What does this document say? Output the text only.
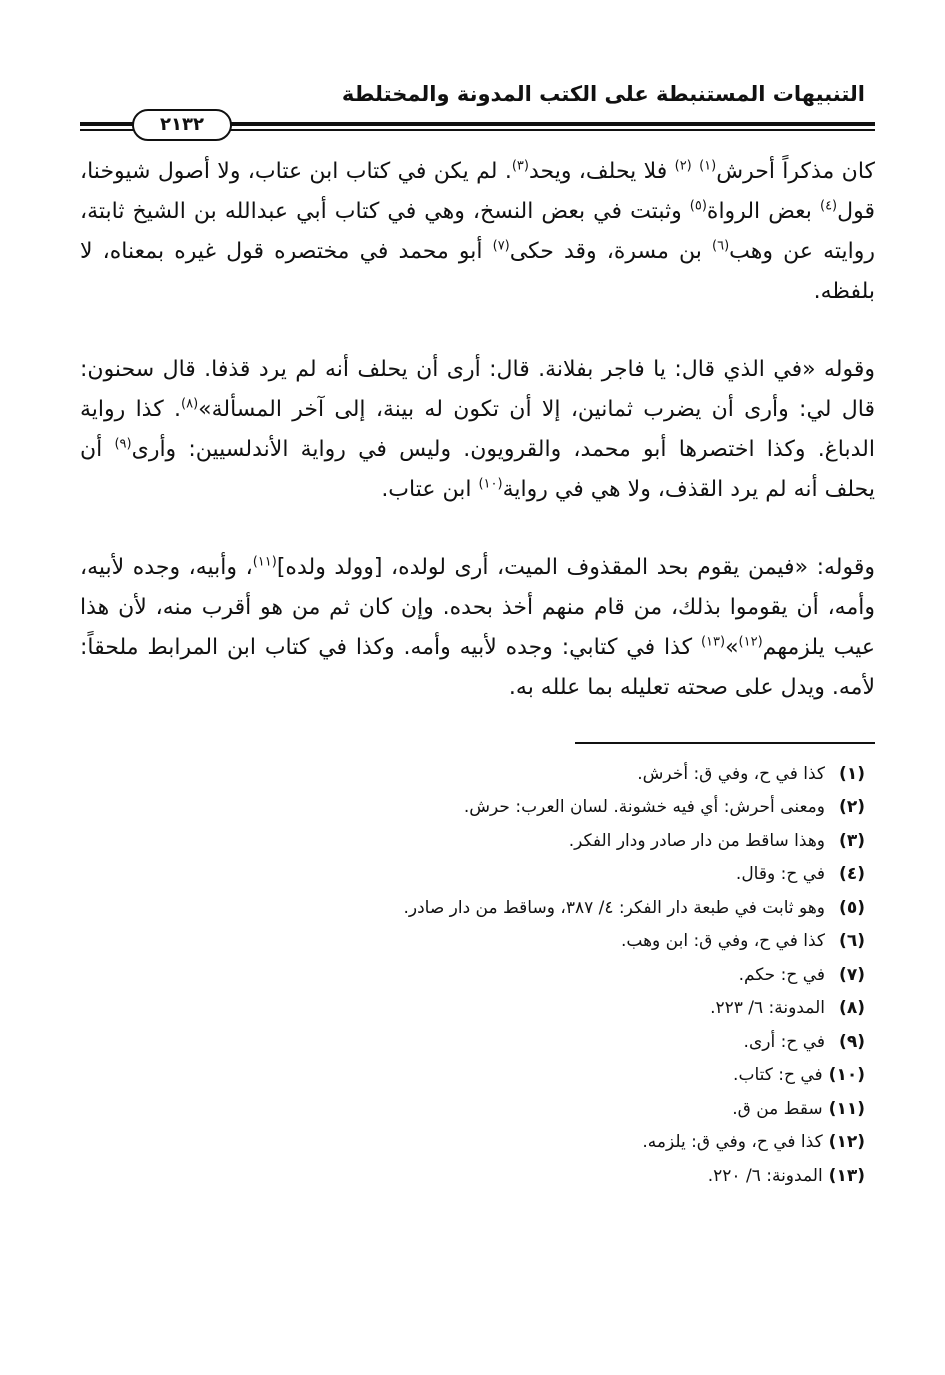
التنبيهات المستنبطة على الكتب المدونة والمختلطة
٢١٣٢

كان مذكراً أحرش$^{(١)}$ $^{(٢)}$ فلا يحلف، ويحد$^{(٣)}$. لم يكن في كتاب ابن عتاب، ولا أصول شيوخنا، قول$^{(٤)}$ بعض الرواة$^{(٥)}$ وثبتت في بعض النسخ، وهي في كتاب أبي عبدالله بن الشيخ ثابتة، روايته عن وهب$^{(٦)}$ بن مسرة، وقد حكى$^{(٧)}$ أبو محمد في مختصره قول غيره بمعناه، لا بلفظه.

وقوله «في الذي قال: يا فاجر بفلانة. قال: أرى أن يحلف أنه لم يرد قذفا. قال سحنون: قال لي: وأرى أن يضرب ثمانين، إلا أن تكون له بينة، إلى آخر المسألة»$^{(٨)}$. كذا رواية الدباغ. وكذا اختصرها أبو محمد، والقرويون. وليس في رواية الأندلسيين: وأرى$^{(٩)}$ أن يحلف أنه لم يرد القذف، ولا هي في رواية$^{(١٠)}$ ابن عتاب.

وقوله: «فيمن يقوم بحد المقذوف الميت، أرى لولده، [وولد ولده]$^{(١١)}$، وأبيه، وجده لأبيه، وأمه، أن يقوموا بذلك، من قام منهم أخذ بحده. وإن كان ثم من هو أقرب منه، لأن هذا عيب يلزمهم$^{(١٢)}$»$^{(١٣)}$ كذا في كتابي: وجده لأبيه وأمه. وكذا في كتاب ابن المرابط ملحقاً: لأمه. ويدل على صحته تعليله بما علله به.

(١)كذا في ح، وفي ق: أخرش.
(٢)ومعنى أحرش: أي فيه خشونة. لسان العرب: حرش.
(٣)وهذا ساقط من دار صادر ودار الفكر.
(٤)في ح: وقال.
(٥)وهو ثابت في طبعة دار الفكر: ٤/ ٣٨٧، وساقط من دار صادر.
(٦)كذا في ح، وفي ق: ابن وهب.
(٧)في ح: حكم.
(٨)المدونة: ٦/ ٢٢٣.
(٩)في ح: أرى.
(١٠)في ح: كتاب.
(١١)سقط من ق.
(١٢)كذا في ح، وفي ق: يلزمه.
(١٣)المدونة: ٦/ ٢٢٠.
